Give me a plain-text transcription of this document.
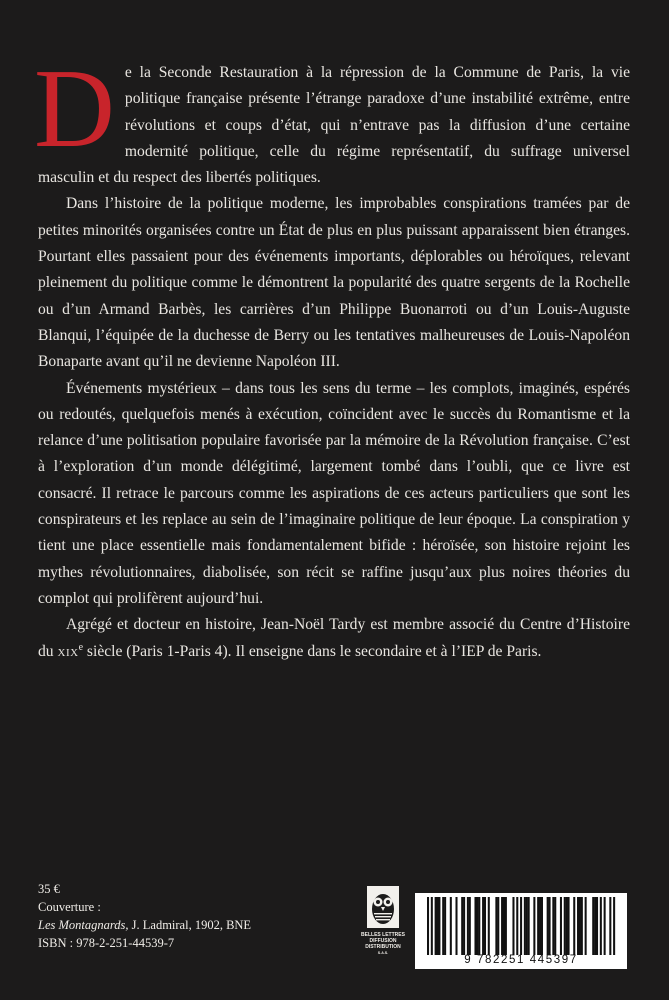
De la Seconde Restauration à la répression de la Commune de Paris, la vie politique française présente l’étrange paradoxe d’une instabilité extrême, entre révolutions et coups d’état, qui n’entrave pas la diffusion d’une certaine modernité politique, celle du régime représentatif, du suffrage universel masculin et du respect des libertés politiques.

Dans l’histoire de la politique moderne, les improbables conspirations tramées par de petites minorités organisées contre un État de plus en plus puissant apparaissent bien étranges. Pourtant elles passaient pour des événements importants, déplorables ou héroïques, relevant pleinement du politique comme le démontrent la popularité des quatre sergents de la Rochelle ou d’un Armand Barbès, les carrières d’un Philippe Buonarroti ou d’un Louis-Auguste Blanqui, l’équipée de la duchesse de Berry ou les tentatives malheureuses de Louis-Napoléon Bonaparte avant qu’il ne devienne Napoléon III.

Événements mystérieux – dans tous les sens du terme – les complots, imaginés, espérés ou redoutés, quelquefois menés à exécution, coïncident avec le succès du Romantisme et la relance d’une politisation populaire favorisée par la mémoire de la Révolution française. C’est à l’exploration d’un monde délégitimé, largement tombé dans l’oubli, que ce livre est consacré. Il retrace le parcours comme les aspirations de ces acteurs particuliers que sont les conspirateurs et les replace au sein de l’imaginaire politique de leur époque. La conspiration y tient une place essentielle mais fondamentalement bifide : héroïsée, son histoire rejoint les mythes révolutionnaires, diabolisée, son récit se raffine jusqu’aux plus noires théories du complot qui prolifèrent aujourd’hui.

Agrégé et docteur en histoire, Jean-Noël Tardy est membre associé du Centre d’Histoire du xix$^e$ siècle (Paris 1-Paris 4). Il enseigne dans le secondaire et à l’IEP de Paris.

35 €
Couverture :
Les Montagnards, J. Ladmiral, 1902, BNE
ISBN : 978-2-251-44539-7
BELLES LETTRES
DIFFUSION
DISTRIBUTION
S.A.S.
9 782251 445397
